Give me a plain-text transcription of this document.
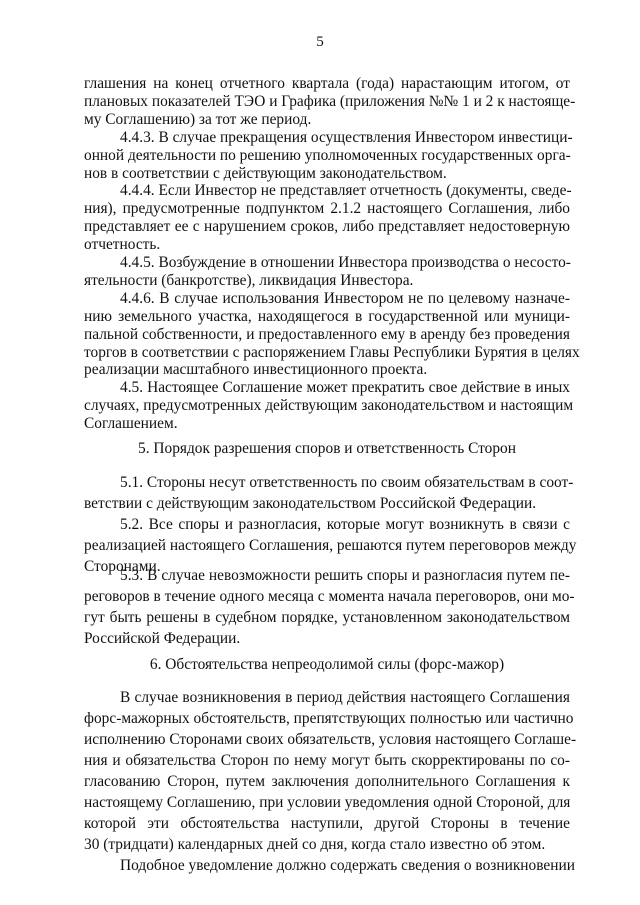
5
глашения на конец отчетного квартала (года) нарастающим итогом, от
плановых показателей ТЭО и Графика (приложения №№ 1 и 2 к настояще-
му Соглашению) за тот же период.
4.4.3. В случае прекращения осуществления Инвестором инвестици-
онной деятельности по решению уполномоченных государственных орга-
нов в соответствии с действующим законодательством.
4.4.4. Если Инвестор не представляет отчетность (документы, сведе-
ния), предусмотренные подпунктом 2.1.2 настоящего Соглашения, либо
представляет ее с нарушением сроков, либо представляет недостоверную
отчетность.
4.4.5. Возбуждение в отношении Инвестора производства о несосто-
ятельности (банкротстве), ликвидация Инвестора.
4.4.6. В случае использования Инвестором не по целевому назначе-
нию земельного участка, находящегося в государственной или муници-
пальной собственности, и предоставленного ему в аренду без проведения
торгов в соответствии с распоряжением Главы Республики Бурятия в целях
реализации масштабного инвестиционного проекта.
4.5. Настоящее Соглашение может прекратить свое действие в иных
случаях, предусмотренных действующим законодательством и настоящим
Соглашением.
5. Порядок разрешения споров и ответственность Сторон
5.1. Стороны несут ответственность по своим обязательствам в соот-
ветствии с действующим законодательством Российской Федерации.
5.2. Все споры и разногласия, которые могут возникнуть в связи с
реализацией настоящего Соглашения, решаются путем переговоров между
Сторонами.
5.3. В случае невозможности решить споры и разногласия путем пе-
реговоров в течение одного месяца с момента начала переговоров, они мо-
гут быть решены в судебном порядке, установленном законодательством
Российской Федерации.
6. Обстоятельства непреодолимой силы (форс-мажор)
В случае возникновения в период действия настоящего Соглашения
форс-мажорных обстоятельств, препятствующих полностью или частично
исполнению Сторонами своих обязательств, условия настоящего Соглаше-
ния и обязательства Сторон по нему могут быть скорректированы по со-
гласованию Сторон, путем заключения дополнительного Соглашения к
настоящему Соглашению, при условии уведомления одной Стороной, для
которой эти обстоятельства наступили, другой Стороны в течение
30 (тридцати) календарных дней со дня, когда стало известно об этом.
Подобное уведомление должно содержать сведения о возникновении
